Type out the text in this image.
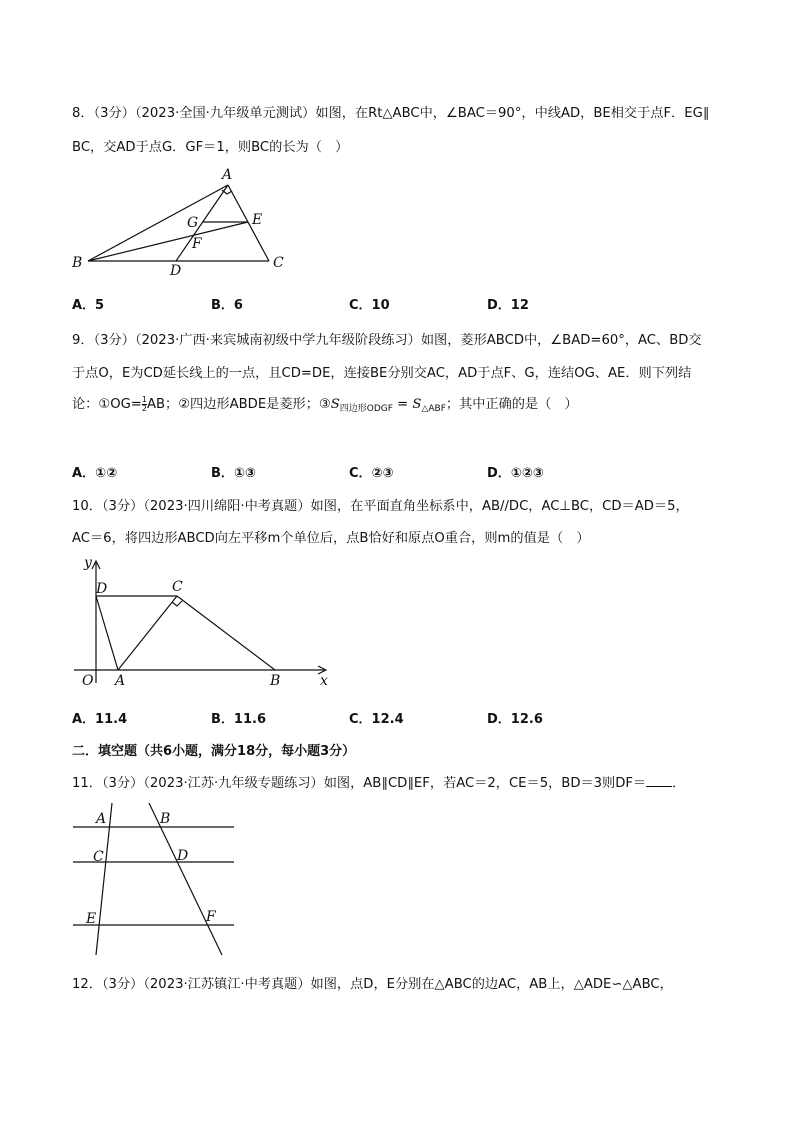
8．（3分）（2023·全国·九年级单元测试）如图，在Rt△ABC中，∠BAC＝90°，中线AD，BE相交于点F．EG∥
BC，交AD于点G．GF＝1，则BC的长为（　）
A
B	C
D
E
F
G
A．5	B．6	C．10	D．12
9．（3分）（2023·广西·来宾城南初级中学九年级阶段练习）如图，菱形ABCD中，∠BAD=60°，AC、BD交
于点O，E为CD延长线上的一点，且CD=DE，连接BE分别交AC，AD于点F、G，连结OG、AE．则下列结
论：①OG= $\frac{1}{2}$ AB；②四边形ABDE是菱形；$③S_{四边形ODGF} = S_{\triangle ABF}$；其中正确的是（　）
A．①②	B．①③	C．②③	D．①②③
10．（3分）（2023·四川绵阳·中考真题）如图，在平面直角坐标系中，AB//DC，AC⊥BC，CD＝AD＝5，
AC＝6，将四边形ABCD向左平移m个单位后，点B恰好和原点O重合，则m的值是（　）
y
x
O A	B
C
D
A．11.4	B．11.6	C．12.4	D．12.6
二．填空题（共6小题，满分18分，每小题3分）
11．（3分）（2023·江苏·九年级专题练习）如图，AB∥CD∥EF，若AC＝2，CE＝5，BD＝3则DF＝ ．
A	B
C	D
E	F
12．（3分）（2023·江苏镇江·中考真题）如图，点D，E分别在△ABC的边AC，AB上，△ADE∽△ABC，
